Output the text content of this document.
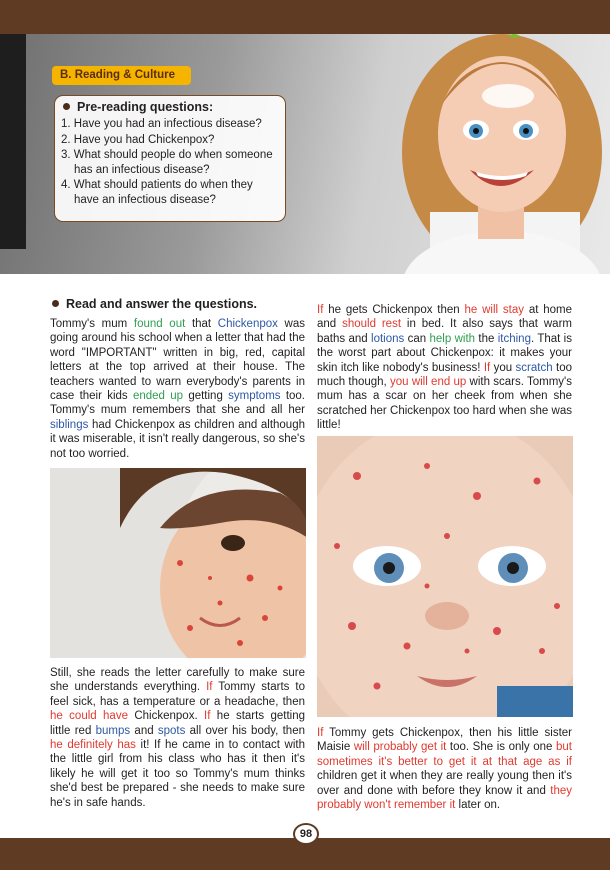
B. Reading & Culture
Pre-reading questions:
1. Have you had an infectious disease?
2. Have you had Chickenpox?
3. What should people do when someone has an infectious disease?
4. What should patients do when they have an infectious disease?
Read and answer the questions.
Tommy's mum found out that Chickenpox was going around his school when a letter that had the word "IMPORTANT" written in big, red, capital letters at the top arrived at their house. The teachers wanted to warn everybody's parents in case their kids ended up getting symptoms too. Tommy's mum remembers that she and all her siblings had Chickenpox as children and although it was miserable, it isn't really dangerous, so she's not too worried.
Still, she reads the letter carefully to make sure she understands everything. If Tommy starts to feel sick, has a temperature or a headache, then he could have Chickenpox. If he starts getting little red bumps and spots all over his body, then he definitely has it! If he came in to contact with the little girl from his class who has it then it's likely he will get it too so Tommy's mum thinks she'd best be prepared - she needs to make sure he's in safe hands.
If he gets Chickenpox then he will stay at home and should rest in bed. It also says that warm baths and lotions can help with the itching. That is the worst part about Chickenpox: it makes your skin itch like nobody's business! If you scratch too much though, you will end up with scars. Tommy's mum has a scar on her cheek from when she scratched her Chickenpox too hard when she was little!
If Tommy gets Chickenpox, then his little sister Maisie will probably get it too. She is only one but sometimes it's better to get it at that age as if children get it when they are really young then it's over and done with before they know it and they probably won't remember it later on.
98
